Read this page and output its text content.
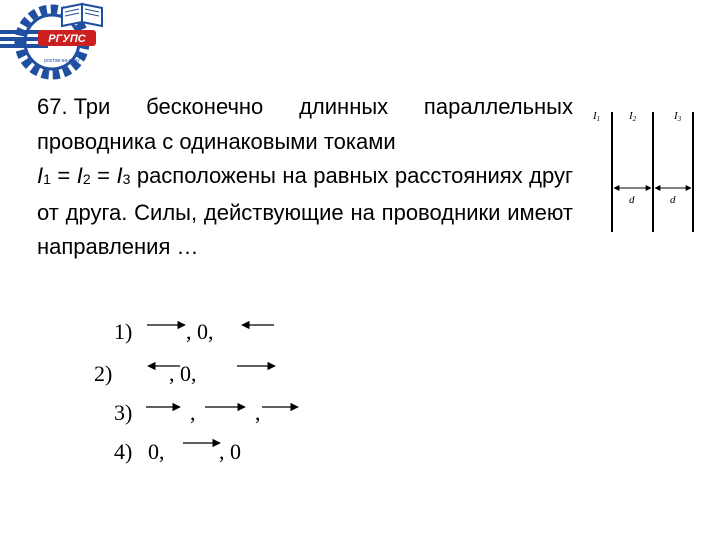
РГУПС
ростов-на-дону

67. Три бесконечно длинных параллельных проводника с одинаковыми токами
$I_1 = I_2 = I_3$ расположены на равных расстояниях друг от друга. Силы, действующие на проводники имеют направления …

I1	I2	I3
d	d
1) , 0,
2)	, 0,
3)	,	,
4) 0, , 0
